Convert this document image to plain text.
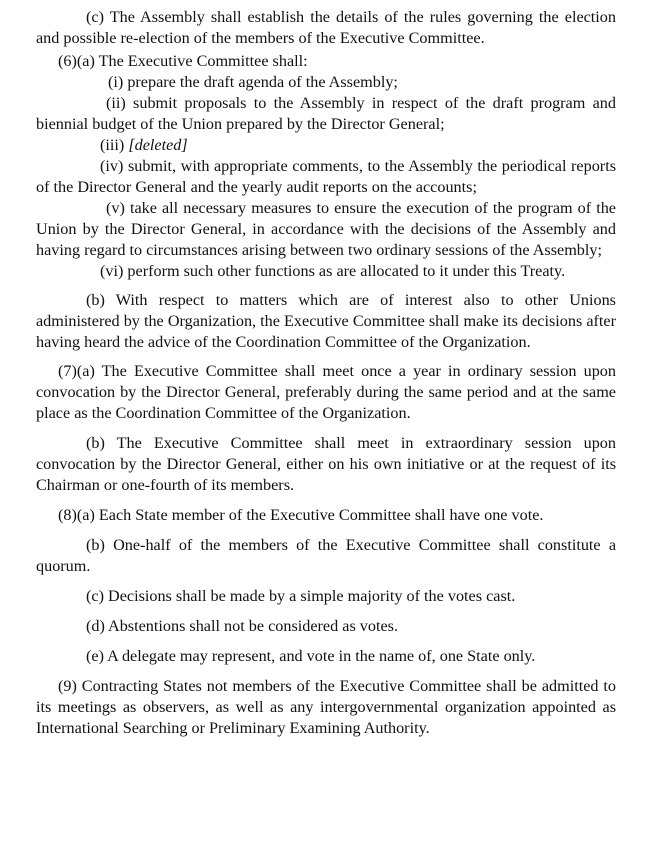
(c) The Assembly shall establish the details of the rules governing the election and possible re-election of the members of the Executive Committee.

(6)(a) The Executive Committee shall:

(i) prepare the draft agenda of the Assembly;

(ii) submit proposals to the Assembly in respect of the draft program and biennial budget of the Union prepared by the Director General;

(iii) [deleted]

(iv) submit, with appropriate comments, to the Assembly the periodical reports of the Director General and the yearly audit reports on the accounts;

(v) take all necessary measures to ensure the execution of the program of the Union by the Director General, in accordance with the decisions of the Assembly and having regard to circumstances arising between two ordinary sessions of the Assembly;

(vi) perform such other functions as are allocated to it under this Treaty.

(b) With respect to matters which are of interest also to other Unions administered by the Organization, the Executive Committee shall make its decisions after having heard the advice of the Coordination Committee of the Organization.

(7)(a) The Executive Committee shall meet once a year in ordinary session upon convocation by the Director General, preferably during the same period and at the same place as the Coordination Committee of the Organization.

(b) The Executive Committee shall meet in extraordinary session upon convocation by the Director General, either on his own initiative or at the request of its Chairman or one-fourth of its members.

(8)(a) Each State member of the Executive Committee shall have one vote.

(b) One-half of the members of the Executive Committee shall constitute a quorum.

(c) Decisions shall be made by a simple majority of the votes cast.

(d) Abstentions shall not be considered as votes.

(e) A delegate may represent, and vote in the name of, one State only.

(9) Contracting States not members of the Executive Committee shall be admitted to its meetings as observers, as well as any intergovernmental organization appointed as International Searching or Preliminary Examining Authority.
